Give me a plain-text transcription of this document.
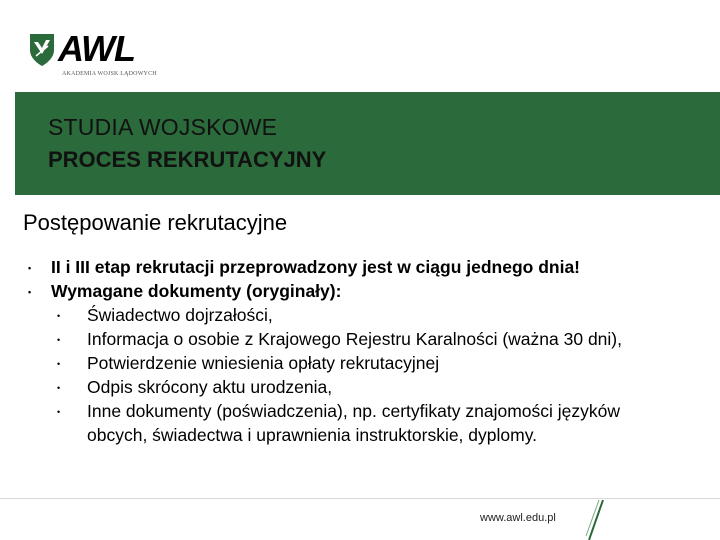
AWL
AKADEMIA WOJSK LĄDOWYCH
STUDIA WOJSKOWE
PROCES REKRUTACYJNY
Postępowanie rekrutacyjne
• II i III etap rekrutacji przeprowadzony jest w ciągu jednego dnia!
• Wymagane dokumenty (oryginały):
• Świadectwo dojrzałości,
• Informacja o osobie z Krajowego Rejestru Karalności (ważna 30 dni),
• Potwierdzenie wniesienia opłaty rekrutacyjnej
• Odpis skrócony aktu urodzenia,
• Inne dokumenty (poświadczenia), np. certyfikaty znajomości języków
obcych, świadectwa i uprawnienia instruktorskie, dyplomy.
www.awl.edu.pl
